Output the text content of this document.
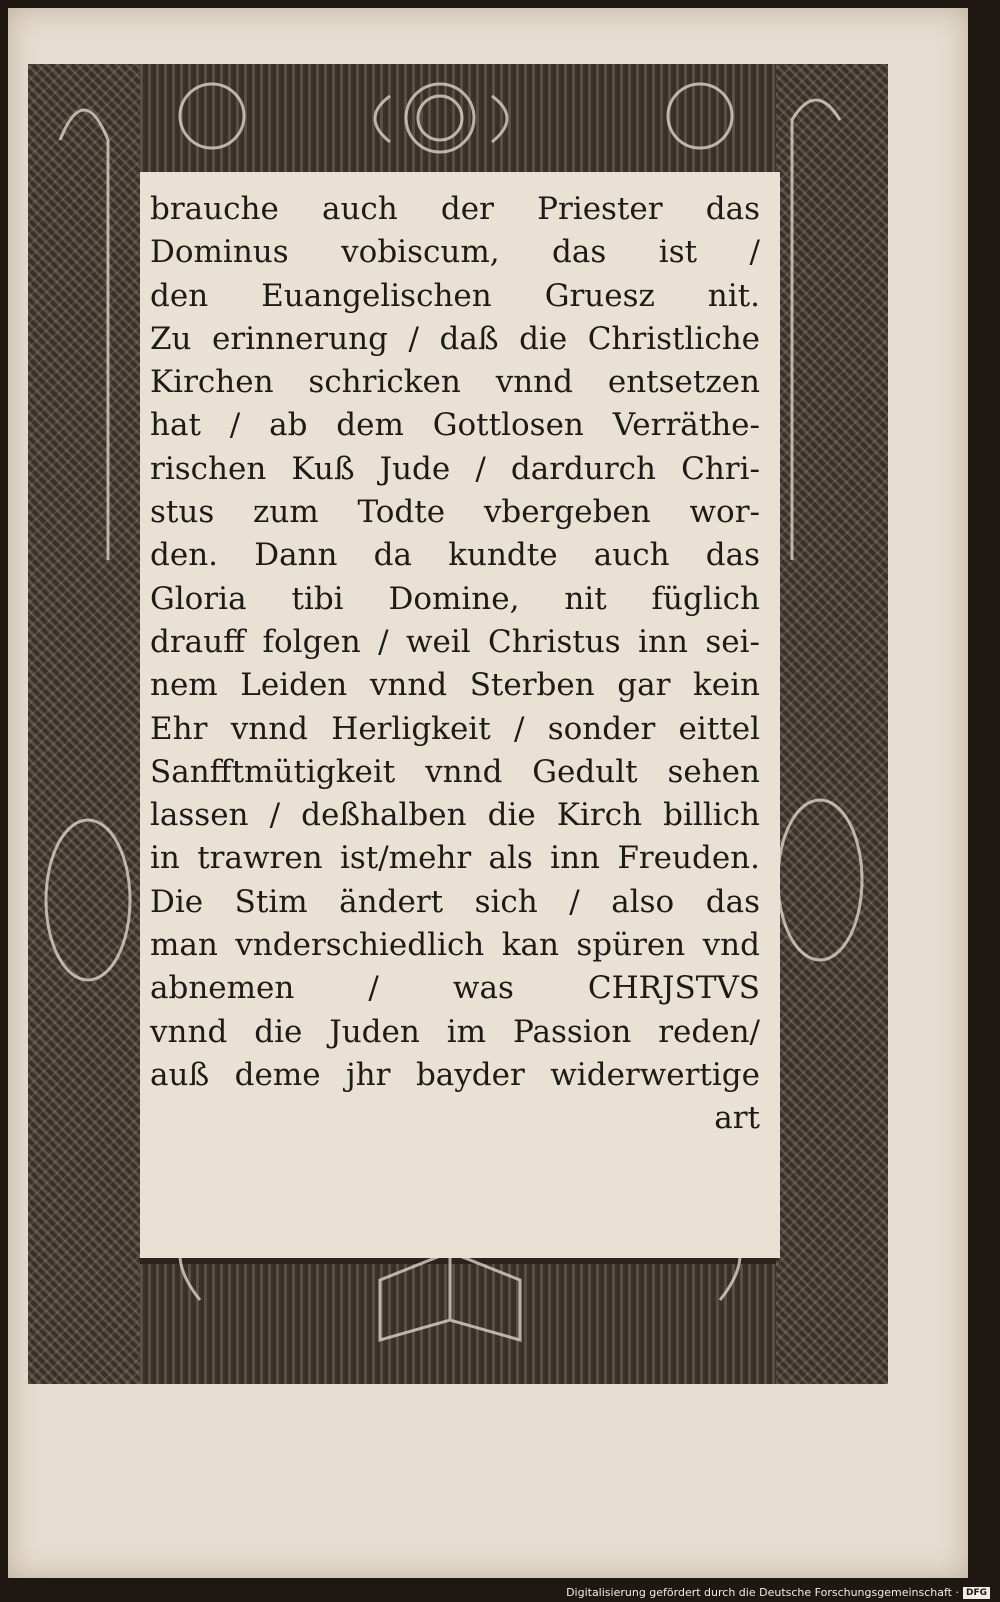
brauche auch der Priester das
Dominus vobiscum, das ist /
den Euangelischen Gruesz nit.
Zu erinnerung / daß die Christliche
Kirchen schricken vnnd entsetzen
hat / ab dem Gottlosen Verräthe-
rischen Kuß Jude / dardurch Chri-
stus zum Todte vbergeben wor-
den. Dann da kundte auch das
Gloria tibi Domine, nit füglich
drauff folgen / weil Christus inn sei-
nem Leiden vnnd Sterben gar kein
Ehr vnnd Herligkeit / sonder eittel
Sanfftmütigkeit vnnd Gedult sehen
lassen / deßhalben die Kirch billich
in trawren ist/mehr als inn Freuden.
Die Stim ändert sich / also das
man vnderschiedlich kan spüren vnd
abnemen / was CHRJSTVS
vnnd die Juden im Passion reden/
auß deme jhr bayder widerwertige
art
Digitalisierung gefördert durch die Deutsche Forschungsgemeinschaft · DFG
